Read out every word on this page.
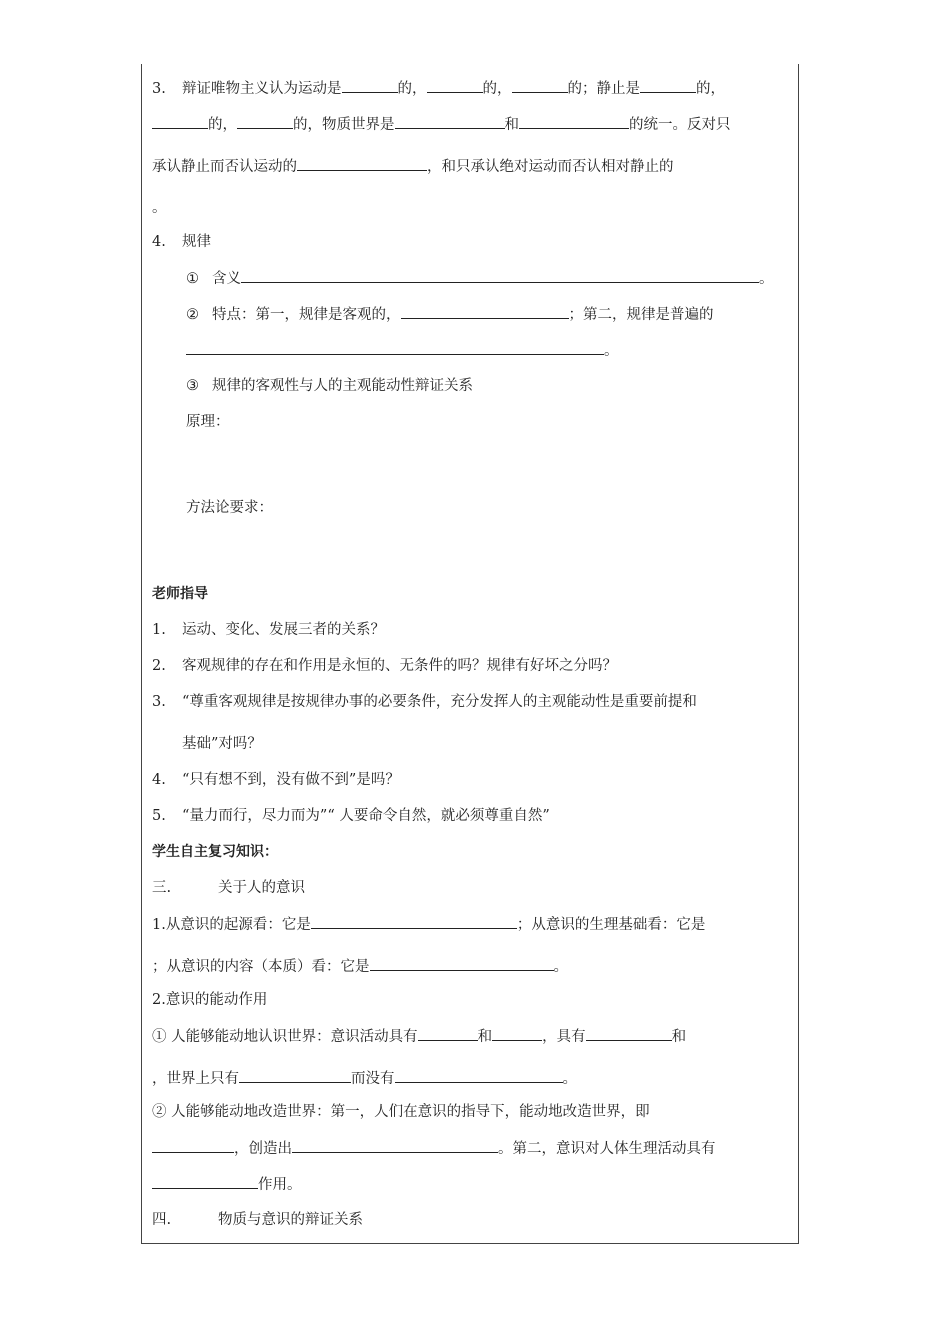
3. 辩证唯物主义认为运动是	的，	的，	的；静止是	的，
的，	的，物质世界是	和	的统一。反对只
承认静止而否认运动的	，和只承认绝对运动而否认相对静止的
。
4. 规律
① 含义	。
② 特点：第一，规律是客观的，	；第二，规律是普遍的
。
③ 规律的客观性与人的主观能动性辩证关系
原理：
方法论要求：
老师指导
1. 运动、变化、发展三者的关系？
2. 客观规律的存在和作用是永恒的、无条件的吗？规律有好坏之分吗？
3. “尊重客观规律是按规律办事的必要条件，充分发挥人的主观能动性是重要前提和
基础”对吗？
4. “只有想不到，没有做不到”是吗？
5. “量力而行，尽力而为”“ 人要命令自然，就必须尊重自然”
学生自主复习知识：
三.	关于人的意识
1.从意识的起源看：它是	；从意识的生理基础看：它是
；从意识的内容（本质）看：它是	。
2.意识的能动作用
① 人能够能动地认识世界：意识活动具有	和	，具有	和
，世界上只有	而没有	。
② 人能够能动地改造世界：第一，人们在意识的指导下，能动地改造世界，即
，创造出	。第二，意识对人体生理活动具有
作用。
四.	物质与意识的辩证关系
